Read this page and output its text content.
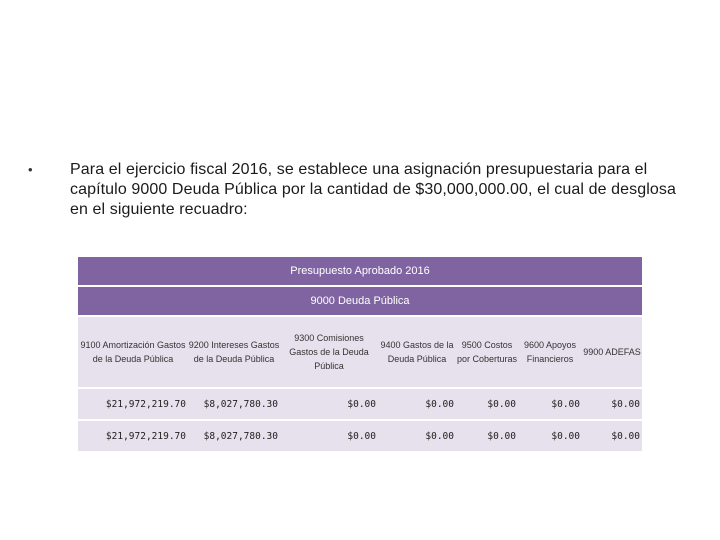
• Para el ejercicio fiscal 2016, se establece una asignación presupuestaria para el capítulo 9000 Deuda Pública por la cantidad de $30,000,000.00, el cual de desglosa en el siguiente recuadro:
Presupuesto Aprobado 2016						
9000 Deuda Pública						
9100 Amortización Gastos de la Deuda Pública	9200 Intereses Gastos de la Deuda Pública	9300 Comisiones Gastos de la Deuda Pública	9400 Gastos de la Deuda Pública	9500 Costos por Coberturas	9600 Apoyos Financieros	9900 ADEFAS
$21,972,219.70	$8,027,780.30	$0.00	$0.00	$0.00	$0.00	$0.00
$21,972,219.70	$8,027,780.30	$0.00	$0.00	$0.00	$0.00	$0.00
